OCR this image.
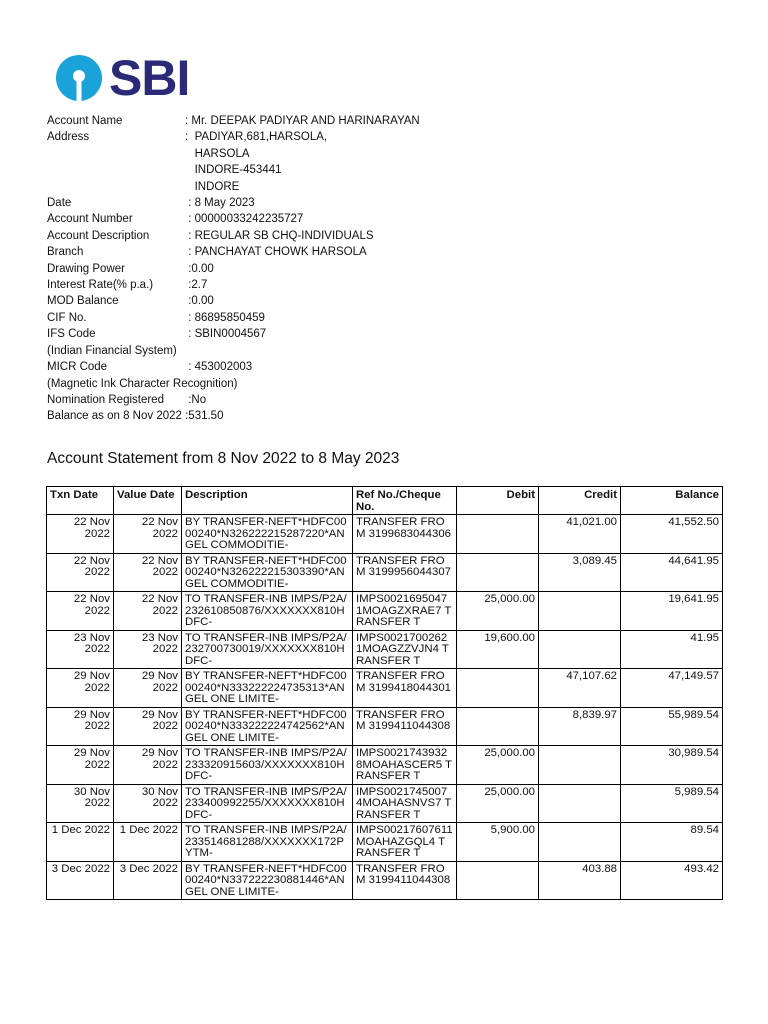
SBI
Account Name	: Mr. DEEPAK PADIYAR AND HARINARAYAN
Address	:  PADIYAR,681,HARSOLA,
HARSOLA
INDORE-453441
INDORE
Date	: 8 May 2023
Account Number	: 00000033242235727
Account Description	: REGULAR SB CHQ-INDIVIDUALS
Branch	: PANCHAYAT CHOWK HARSOLA
Drawing Power	:0.00
Interest Rate(% p.a.)	:2.7
MOD Balance	:0.00
CIF No.	: 86895850459
IFS Code	: SBIN0004567
(Indian Financial System)
MICR Code	: 453002003
(Magnetic Ink Character Recognition)
Nomination Registered	:No
Balance as on 8 Nov 2022 :531.50
Account Statement from 8 Nov 2022 to 8 May 2023
Txn Date	Value Date	Description	Ref No./Cheque No.	Debit	Credit	Balance
22 Nov 2022	22 Nov 2022	BY TRANSFER-NEFT*HDFC0000240*N326222215287220*ANGEL COMMODITIE-	TRANSFER FROM 3199683044306		41,021.00	41,552.50
22 Nov 2022	22 Nov 2022	BY TRANSFER-NEFT*HDFC0000240*N326222215303390*ANGEL COMMODITIE-	TRANSFER FROM 3199956044307		3,089.45	44,641.95
22 Nov 2022	22 Nov 2022	TO TRANSFER-INB IMPS/P2A/232610850876/XXXXXXX810HDFC-	IMPS00216950471MOAGZXRAE7 TRANSFER T	25,000.00		19,641.95
23 Nov 2022	23 Nov 2022	TO TRANSFER-INB IMPS/P2A/232700730019/XXXXXXX810HDFC-	IMPS00217002621MOAGZZVJN4 TRANSFER T	19,600.00		41.95
29 Nov 2022	29 Nov 2022	BY TRANSFER-NEFT*HDFC0000240*N333222224735313*ANGEL ONE LIMITE-	TRANSFER FROM 3199418044301		47,107.62	47,149.57
29 Nov 2022	29 Nov 2022	BY TRANSFER-NEFT*HDFC0000240*N333222224742562*ANGEL ONE LIMITE-	TRANSFER FROM 3199411044308		8,839.97	55,989.54
29 Nov 2022	29 Nov 2022	TO TRANSFER-INB IMPS/P2A/233320915603/XXXXXXX810HDFC-	IMPS00217439328MOAHASCER5 TRANSFER T	25,000.00		30,989.54
30 Nov 2022	30 Nov 2022	TO TRANSFER-INB IMPS/P2A/233400992255/XXXXXXX810HDFC-	IMPS00217450074MOAHASNVS7 TRANSFER T	25,000.00		5,989.54
1 Dec 2022	1 Dec 2022	TO TRANSFER-INB IMPS/P2A/233514681288/XXXXXXX172PYTM-	IMPS00217607611MOAHAZGQL4 TRANSFER T	5,900.00		89.54
3 Dec 2022	3 Dec 2022	BY TRANSFER-NEFT*HDFC0000240*N337222230881446*ANGEL ONE LIMITE-	TRANSFER FROM 3199411044308		403.88	493.42
